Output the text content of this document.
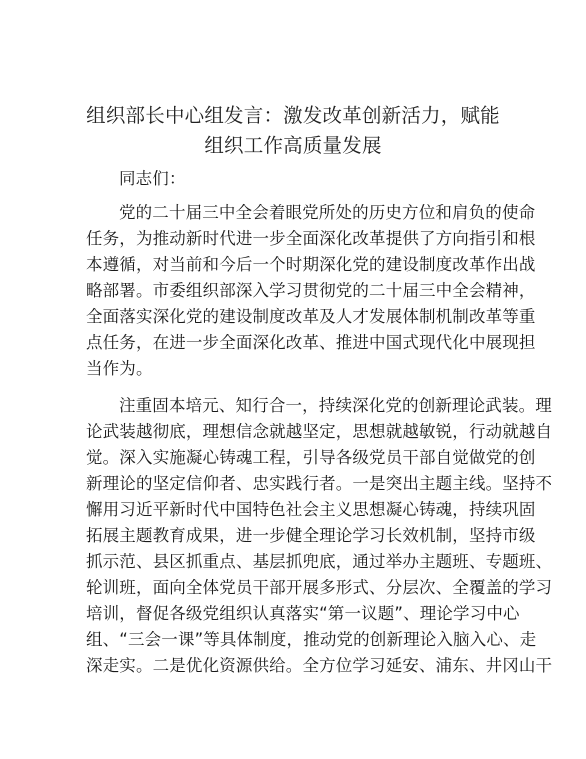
组织部长中心组发言：激发改革创新活力，赋能
组织工作高质量发展
同志们：
党的二十届三中全会着眼党所处的历史方位和肩负的使命
任务，为推动新时代进一步全面深化改革提供了方向指引和根
本遵循，对当前和今后一个时期深化党的建设制度改革作出战
略部署。市委组织部深入学习贯彻党的二十届三中全会精神，
全面落实深化党的建设制度改革及人才发展体制机制改革等重
点任务，在进一步全面深化改革、推进中国式现代化中展现担
当作为。
注重固本培元、知行合一，持续深化党的创新理论武装。理
论武装越彻底，理想信念就越坚定，思想就越敏锐，行动就越自
觉。深入实施凝心铸魂工程，引导各级党员干部自觉做党的创
新理论的坚定信仰者、忠实践行者。一是突出主题主线。坚持不
懈用习近平新时代中国特色社会主义思想凝心铸魂，持续巩固
拓展主题教育成果，进一步健全理论学习长效机制，坚持市级
抓示范、县区抓重点、基层抓兜底，通过举办主题班、专题班、
轮训班，面向全体党员干部开展多形式、分层次、全覆盖的学习
培训，督促各级党组织认真落实“第一议题”、理论学习中心
组、“三会一课”等具体制度，推动党的创新理论入脑入心、走
深走实。二是优化资源供给。全方位学习延安、浦东、井冈山干
